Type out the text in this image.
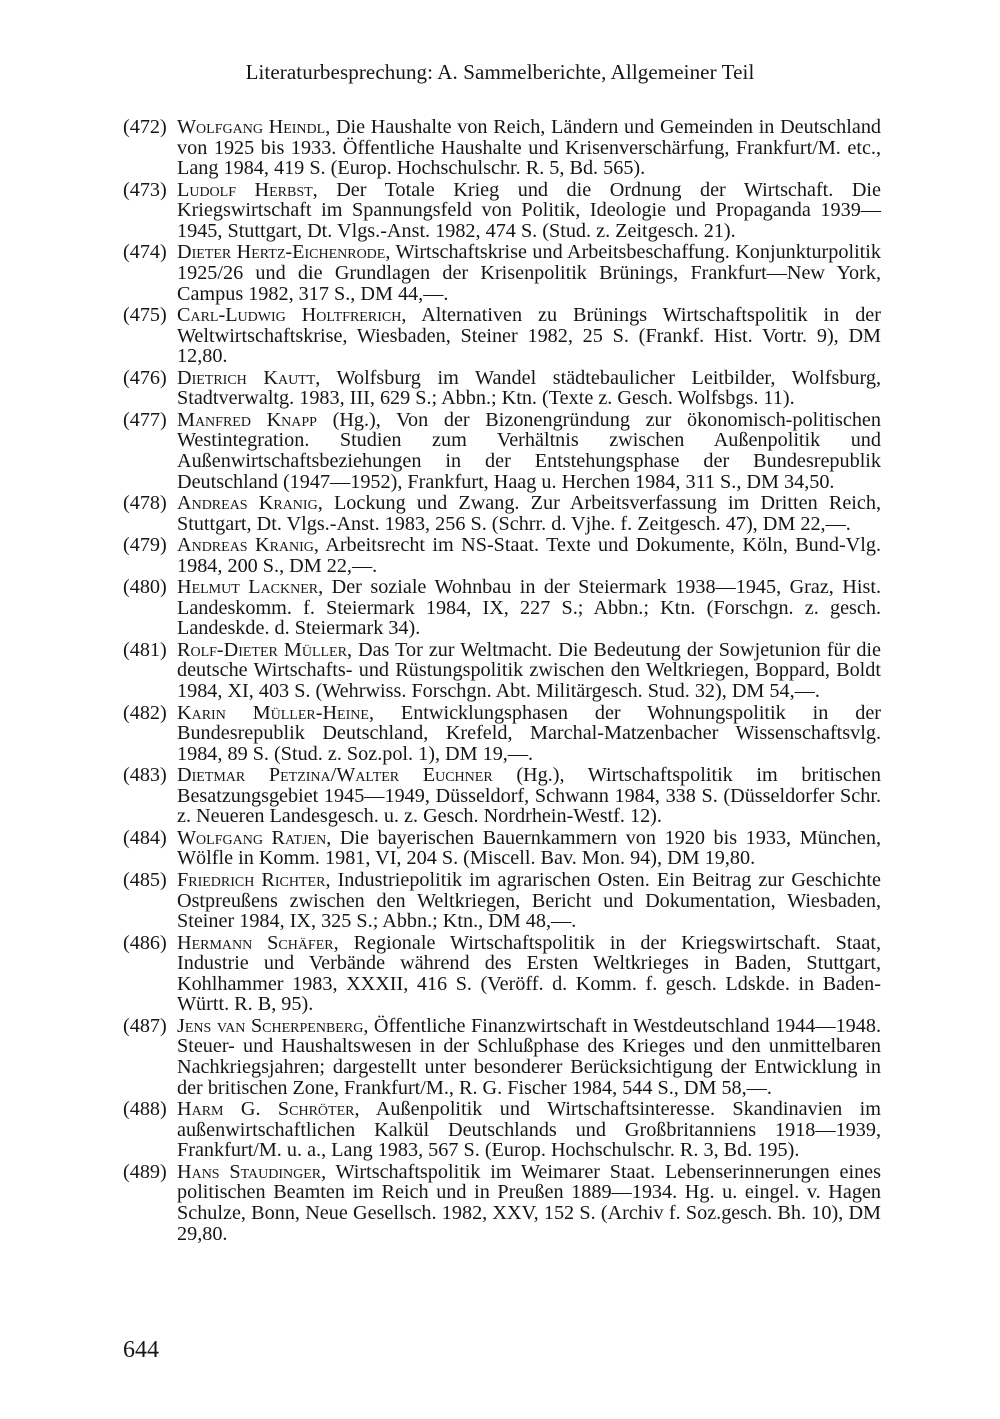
Literaturbesprechung: A. Sammelberichte, Allgemeiner Teil
(472) Wolfgang Heindl, Die Haushalte von Reich, Ländern und Gemeinden in Deutschland von 1925 bis 1933. Öffentliche Haushalte und Krisenverschärfung, Frankfurt/M. etc., Lang 1984, 419 S. (Europ. Hochschulschr. R. 5, Bd. 565).
(473) Ludolf Herbst, Der Totale Krieg und die Ordnung der Wirtschaft. Die Kriegswirtschaft im Spannungsfeld von Politik, Ideologie und Propaganda 1939—1945, Stuttgart, Dt. Vlgs.-Anst. 1982, 474 S. (Stud. z. Zeitgesch. 21).
(474) Dieter Hertz-Eichenrode, Wirtschaftskrise und Arbeitsbeschaffung. Konjunkturpolitik 1925/26 und die Grundlagen der Krisenpolitik Brünings, Frankfurt—New York, Campus 1982, 317 S., DM 44,—.
(475) Carl-Ludwig Holtfrerich, Alternativen zu Brünings Wirtschaftspolitik in der Weltwirtschaftskrise, Wiesbaden, Steiner 1982, 25 S. (Frankf. Hist. Vortr. 9), DM 12,80.
(476) Dietrich Kautt, Wolfsburg im Wandel städtebaulicher Leitbilder, Wolfsburg, Stadtverwaltg. 1983, III, 629 S.; Abbn.; Ktn. (Texte z. Gesch. Wolfsbgs. 11).
(477) Manfred Knapp (Hg.), Von der Bizonengründung zur ökonomisch-politischen Westintegration. Studien zum Verhältnis zwischen Außenpolitik und Außenwirtschaftsbeziehungen in der Entstehungsphase der Bundesrepublik Deutschland (1947—1952), Frankfurt, Haag u. Herchen 1984, 311 S., DM 34,50.
(478) Andreas Kranig, Lockung und Zwang. Zur Arbeitsverfassung im Dritten Reich, Stuttgart, Dt. Vlgs.-Anst. 1983, 256 S. (Schrr. d. Vjhe. f. Zeitgesch. 47), DM 22,—.
(479) Andreas Kranig, Arbeitsrecht im NS-Staat. Texte und Dokumente, Köln, Bund-Vlg. 1984, 200 S., DM 22,—.
(480) Helmut Lackner, Der soziale Wohnbau in der Steiermark 1938—1945, Graz, Hist. Landeskomm. f. Steiermark 1984, IX, 227 S.; Abbn.; Ktn. (Forschgn. z. gesch. Landeskde. d. Steiermark 34).
(481) Rolf-Dieter Müller, Das Tor zur Weltmacht. Die Bedeutung der Sowjetunion für die deutsche Wirtschafts- und Rüstungspolitik zwischen den Weltkriegen, Boppard, Boldt 1984, XI, 403 S. (Wehrwiss. Forschgn. Abt. Militärgesch. Stud. 32), DM 54,—.
(482) Karin Müller-Heine, Entwicklungsphasen der Wohnungspolitik in der Bundesrepublik Deutschland, Krefeld, Marchal-Matzenbacher Wissenschaftsvlg. 1984, 89 S. (Stud. z. Soz.pol. 1), DM 19,—.
(483) Dietmar Petzina/Walter Euchner (Hg.), Wirtschaftspolitik im britischen Besatzungsgebiet 1945—1949, Düsseldorf, Schwann 1984, 338 S. (Düsseldorfer Schr. z. Neueren Landesgesch. u. z. Gesch. Nordrhein-Westf. 12).
(484) Wolfgang Ratjen, Die bayerischen Bauernkammern von 1920 bis 1933, München, Wölfle in Komm. 1981, VI, 204 S. (Miscell. Bav. Mon. 94), DM 19,80.
(485) Friedrich Richter, Industriepolitik im agrarischen Osten. Ein Beitrag zur Geschichte Ostpreußens zwischen den Weltkriegen, Bericht und Dokumentation, Wiesbaden, Steiner 1984, IX, 325 S.; Abbn.; Ktn., DM 48,—.
(486) Hermann Schäfer, Regionale Wirtschaftspolitik in der Kriegswirtschaft. Staat, Industrie und Verbände während des Ersten Weltkrieges in Baden, Stuttgart, Kohlhammer 1983, XXXII, 416 S. (Veröff. d. Komm. f. gesch. Ldskde. in Baden-Württ. R. B, 95).
(487) Jens van Scherpenberg, Öffentliche Finanzwirtschaft in Westdeutschland 1944—1948. Steuer- und Haushaltswesen in der Schlußphase des Krieges und den unmittelbaren Nachkriegsjahren; dargestellt unter besonderer Berücksichtigung der Entwicklung in der britischen Zone, Frankfurt/M., R. G. Fischer 1984, 544 S., DM 58,—.
(488) Harm G. Schröter, Außenpolitik und Wirtschaftsinteresse. Skandinavien im außenwirtschaftlichen Kalkül Deutschlands und Großbritanniens 1918—1939, Frankfurt/M. u. a., Lang 1983, 567 S. (Europ. Hochschulschr. R. 3, Bd. 195).
(489) Hans Staudinger, Wirtschaftspolitik im Weimarer Staat. Lebenserinnerungen eines politischen Beamten im Reich und in Preußen 1889—1934. Hg. u. eingel. v. Hagen Schulze, Bonn, Neue Gesellsch. 1982, XXV, 152 S. (Archiv f. Soz.gesch. Bh. 10), DM 29,80.
644
